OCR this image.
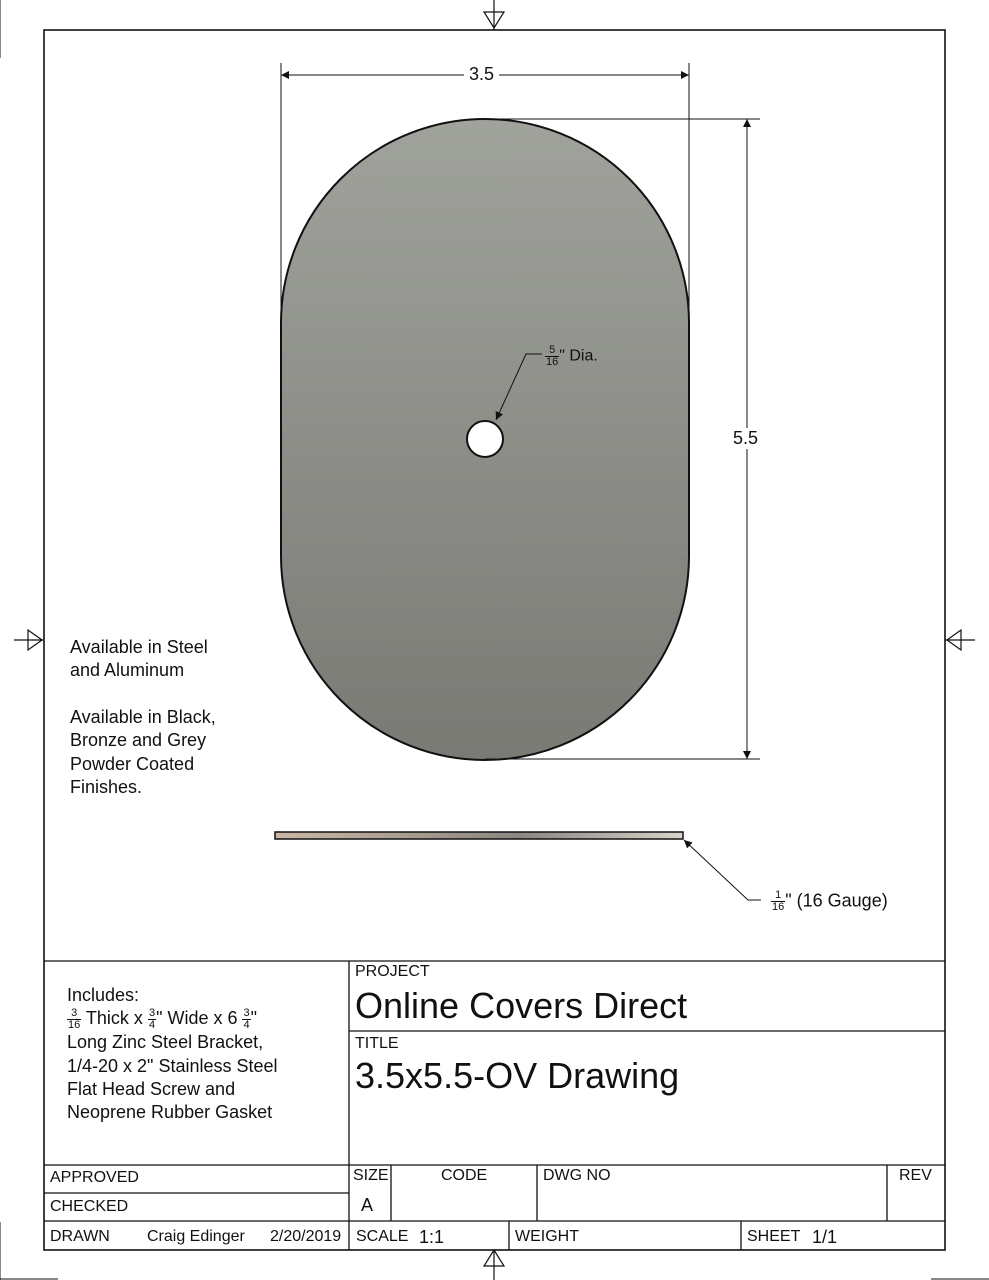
3.5
5.5
$\frac{5}{16}$ " Dia.
$\frac{1}{16}$ " (16 Gauge)
Available in Steel
and Aluminum
Available in Black,
Bronze and Grey
Powder Coated
Finishes.
Includes:
$\frac{3}{16}$ Thick x $\frac{3}{4}$ " Wide x $6 \frac{3}{4}$ "
Long Zinc Steel Bracket,
1/4-20 x 2" Stainless Steel
Flat Head Screw and
Neoprene Rubber Gasket
PROJECT
Online Covers Direct
TITLE
3.5x5.5-OV Drawing
APPROVED
CHECKED
DRAWN Craig Edinger 2/20/2019
SIZE
A
CODE	DWG NO	REV
SCALE 1:1	WEIGHT	SHEET 1/1
